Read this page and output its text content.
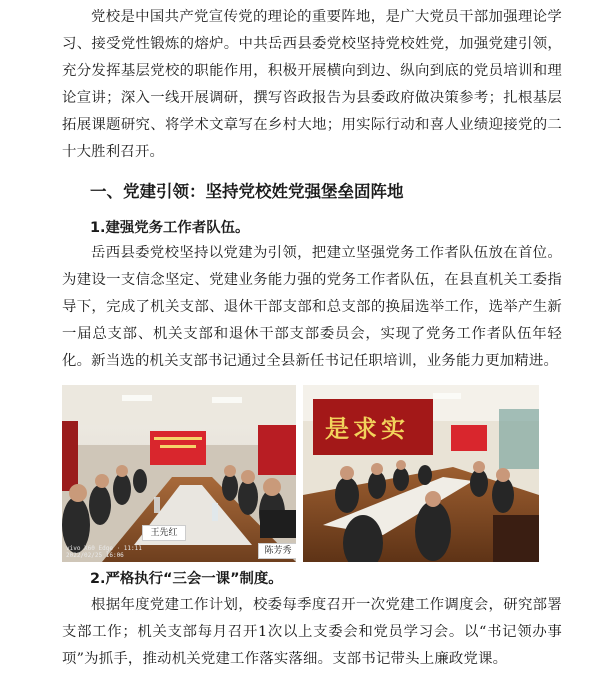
党校是中国共产党宣传党的理论的重要阵地，是广大党员干部加强理论学习、接受党性锻炼的熔炉。中共岳西县委党校坚持党校姓党，加强党建引领，充分发挥基层党校的职能作用，积极开展横向到边、纵向到底的党员培训和理论宣讲；深入一线开展调研，撰写咨政报告为县委政府做决策参考；扎根基层拓展课题研究、将学术文章写在乡村大地；用实际行动和喜人业绩迎接党的二十大胜利召开。

一、党建引领：坚持党校姓党强堡垒固阵地
1.建强党务工作者队伍。

岳西县委党校坚持以党建为引领，把建立坚强党务工作者队伍放在首位。为建设一支信念坚定、党建业务能力强的党务工作者队伍，在县直机关工委指导下，完成了机关支部、退休干部支部和总支部的换届选举工作，选举产生新一届总支部、机关支部和退休干部支部委员会，实现了党务工作者队伍年轻化。新当选的机关支部书记通过全县新任书记任职培训，业务能力更加精进。

王先红
陈芳秀
vivo X60 Edge · 11:11
2022/02/25 16:06
是求实
2.严格执行“三会一课”制度。

根据年度党建工作计划，校委每季度召开一次党建工作调度会，研究部署支部工作；机关支部每月召开1次以上支委会和党员学习会。以“书记领办事项”为抓手，推动机关党建工作落实落细。支部书记带头上廉政党课。
